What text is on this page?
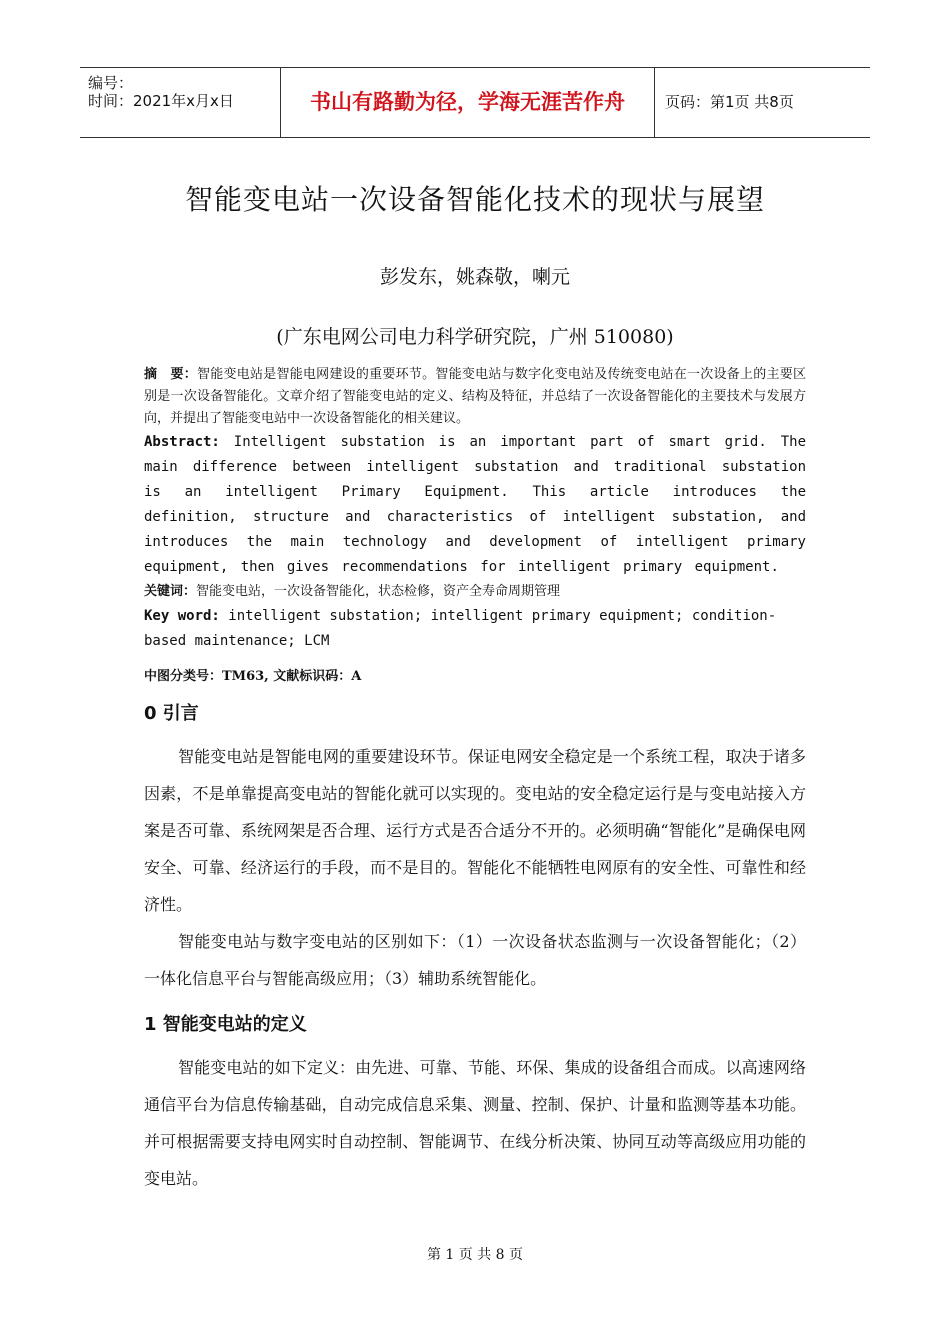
编号：
时间：2021年x月x日	书山有路勤为径，学海无涯苦作舟	页码：第1页 共8页
智能变电站一次设备智能化技术的现状与展望
彭发东，姚森敬，喇元
(广东电网公司电力科学研究院，广州 510080)

摘　要：智能变电站是智能电网建设的重要环节。智能变电站与数字化变电站及传统变电站在一次设备上的主要区别是一次设备智能化。文章介绍了智能变电站的定义、结构及特征，并总结了一次设备智能化的主要技术与发展方向，并提出了智能变电站中一次设备智能化的相关建议。

Abstract: Intelligent substation is an important part of smart grid. The main difference between intelligent substation and traditional substation is an intelligent Primary Equipment. This article introduces the definition, structure and characteristics of intelligent substation, and introduces the main technology and development of intelligent primary equipment, then gives recommendations for intelligent primary equipment.

关键词：智能变电站，一次设备智能化，状态检修，资产全寿命周期管理

Key word: intelligent substation; intelligent primary equipment; condition-based maintenance; LCM

中图分类号：TM63, 文献标识码：A

0 引言

智能变电站是智能电网的重要建设环节。保证电网安全稳定是一个系统工程，取决于诸多因素，不是单靠提高变电站的智能化就可以实现的。变电站的安全稳定运行是与变电站接入方案是否可靠、系统网架是否合理、运行方式是否合适分不开的。必须明确“智能化”是确保电网安全、可靠、经济运行的手段，而不是目的。智能化不能牺牲电网原有的安全性、可靠性和经济性。

智能变电站与数字变电站的区别如下：（1）一次设备状态监测与一次设备智能化；（2）一体化信息平台与智能高级应用；（3）辅助系统智能化。

1 智能变电站的定义

智能变电站的如下定义：由先进、可靠、节能、环保、集成的设备组合而成。以高速网络通信平台为信息传输基础，自动完成信息采集、测量、控制、保护、计量和监测等基本功能。并可根据需要支持电网实时自动控制、智能调节、在线分析决策、协同互动等高级应用功能的变电站。

第 1 页 共 8 页
